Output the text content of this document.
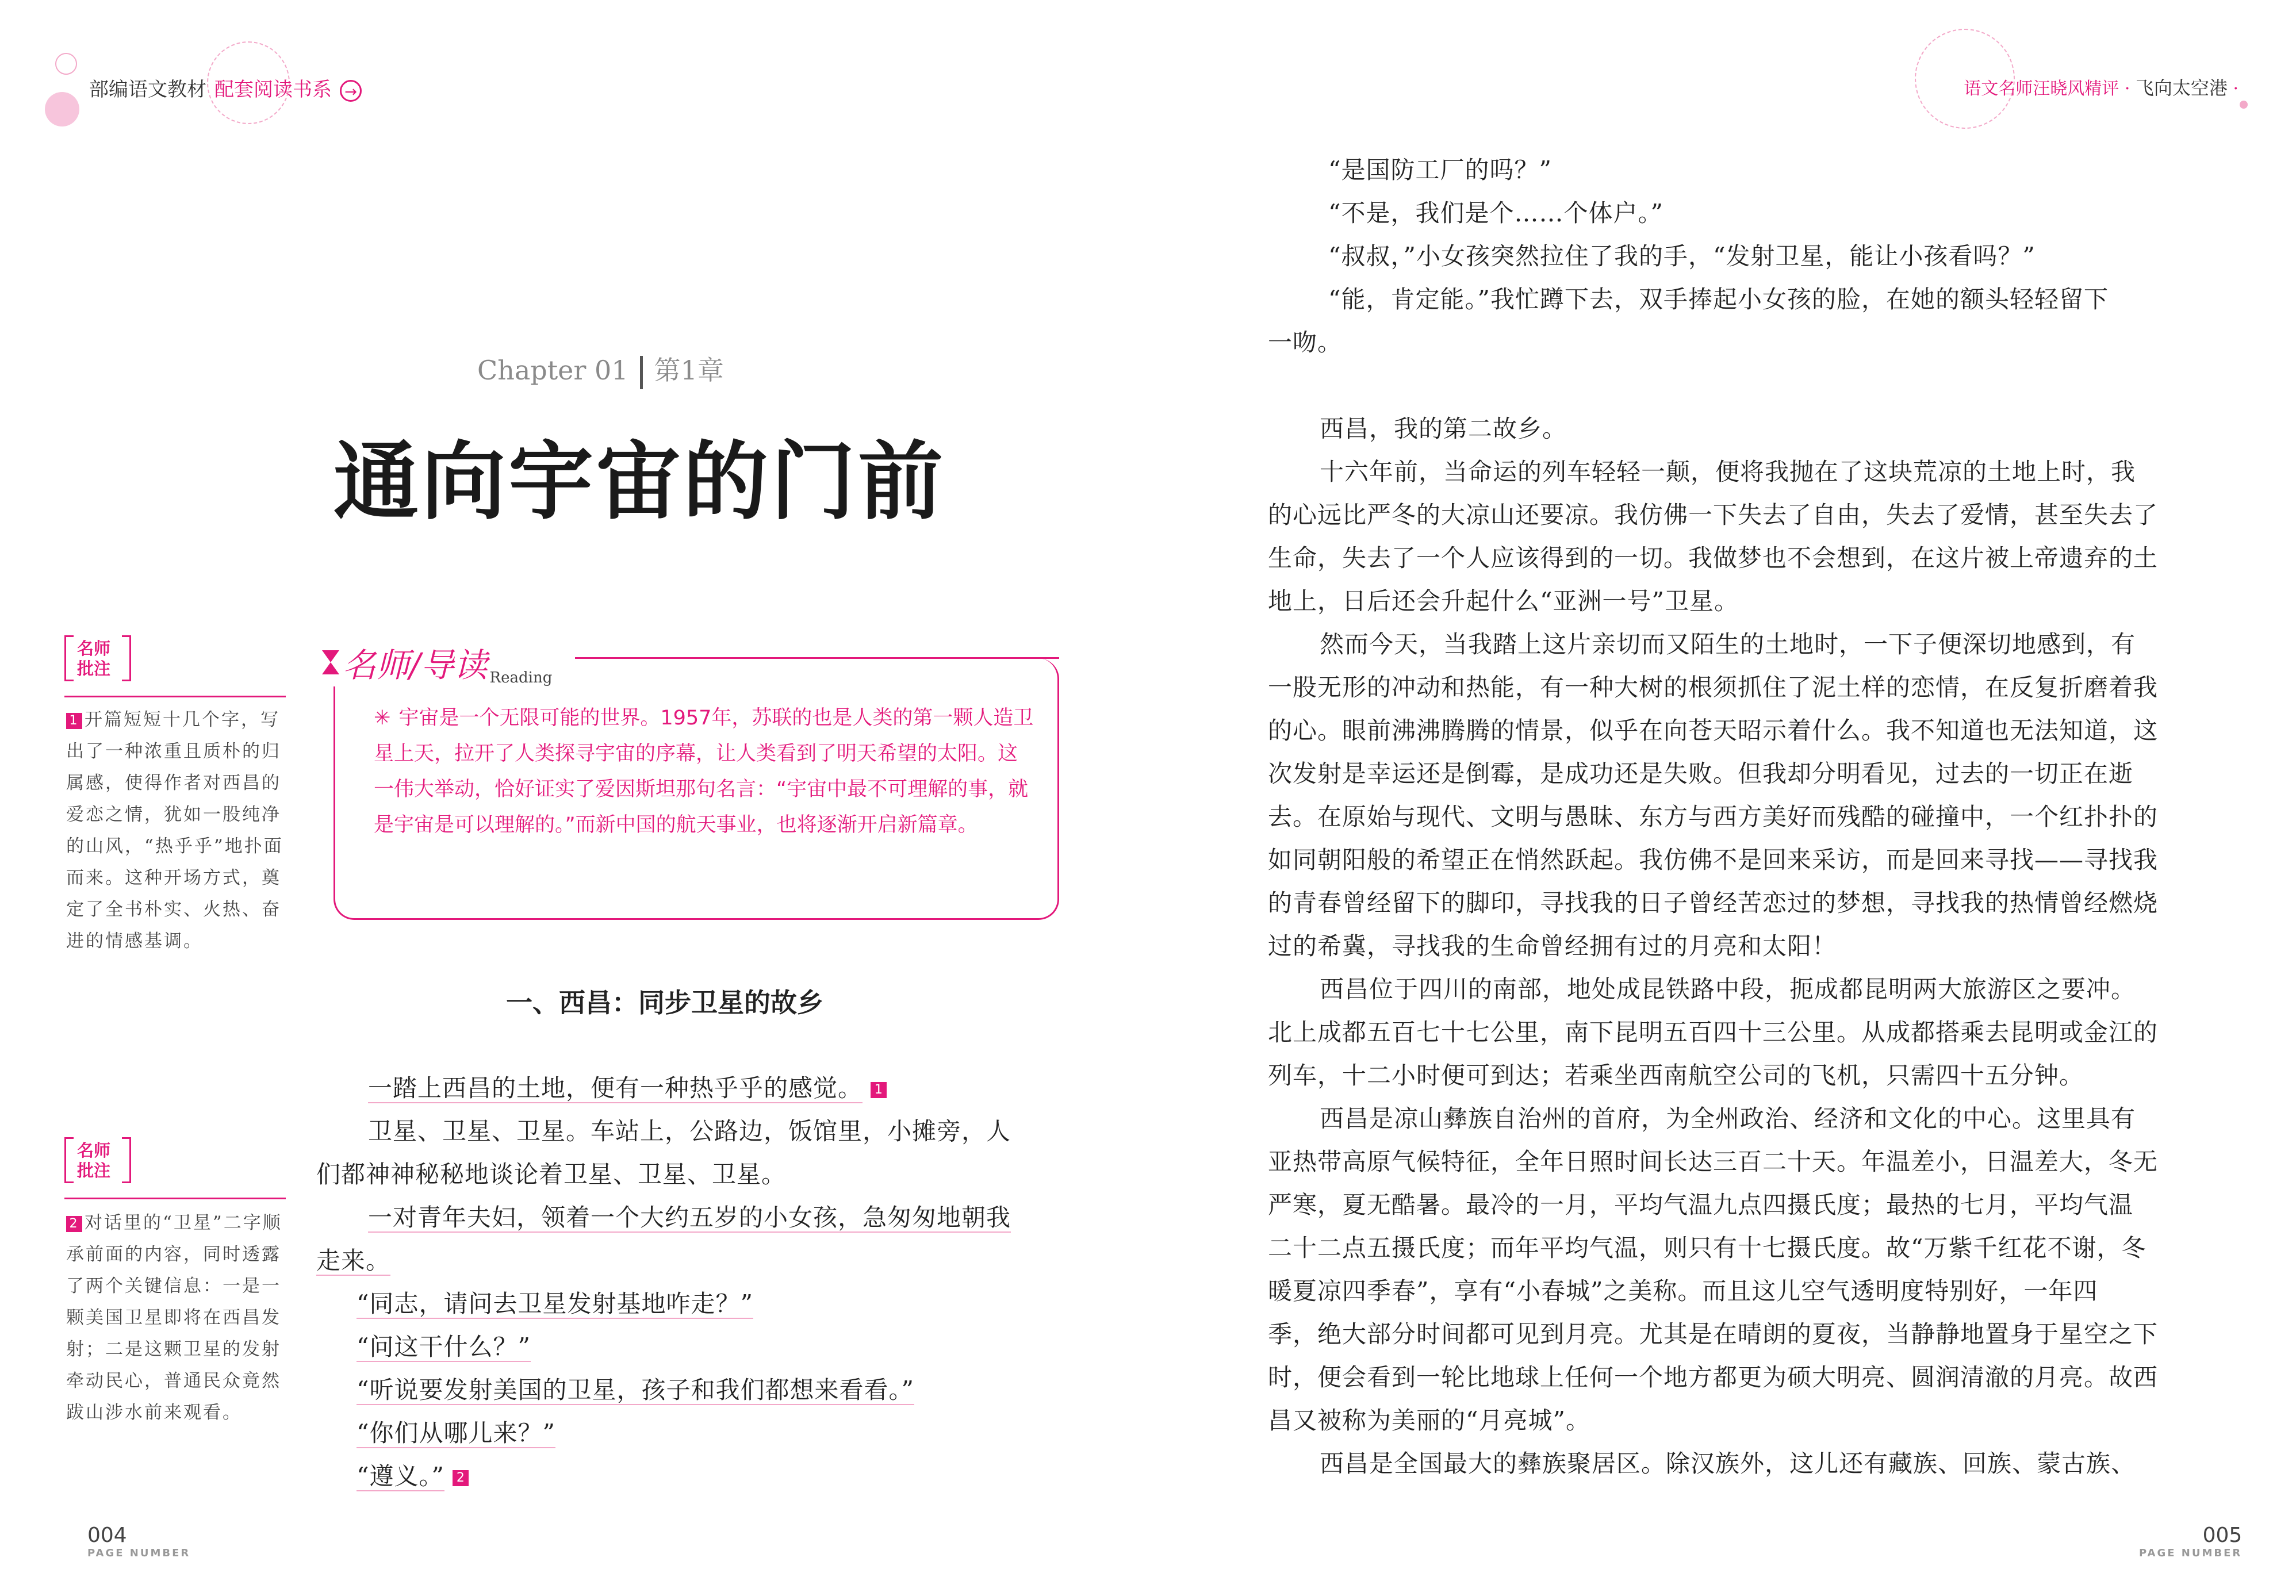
部编语文教材 配套阅读书系 →	语文名师汪晓风精评 · 飞向太空港 ·
Chapter 01 第1章
通向宇宙的门前
名师
批注
1 开篇短短十几个字，写出了一种浓重且质朴的归属感，使得作者对西昌的爱恋之情，犹如一股纯净的山风，“热乎乎”地扑面而来。这种开场方式，奠定了全书朴实、火热、奋进的情感基调。
名师
批注
2 对话里的“卫星”二字顺承前面的内容，同时透露了两个关键信息：一是一颗美国卫星即将在西昌发射；二是这颗卫星的发射牵动民心，普通民众竟然跋山涉水前来观看。
名师/导读 Reading
✳ 宇宙是一个无限可能的世界。1957年，苏联的也是人类的第一颗人造卫星上天，拉开了人类探寻宇宙的序幕，让人类看到了明天希望的太阳。这一伟大举动，恰好证实了爱因斯坦那句名言：“宇宙中最不可理解的事，就是宇宙是可以理解的。”而新中国的航天事业，也将逐渐开启新篇章。
一、西昌：同步卫星的故乡
一踏上西昌的土地，便有一种热乎乎的感觉。 1
卫星、卫星、卫星。车站上，公路边，饭馆里，小摊旁，人
们都神神秘秘地谈论着卫星、卫星、卫星。
一对青年夫妇，领着一个大约五岁的小女孩，急匆匆地朝我
走来。
“同志，请问去卫星发射基地咋走？”
“问这干什么？”
“听说要发射美国的卫星，孩子和我们都想来看看。”
“你们从哪儿来？”
“遵义。” 2
“是国防工厂的吗？”
“不是，我们是个……个体户。”
“叔叔，”小女孩突然拉住了我的手，“发射卫星，能让小孩看吗？”
“能，肯定能。”我忙蹲下去，双手捧起小女孩的脸，在她的额头轻轻留下
一吻。
西昌，我的第二故乡。
十六年前，当命运的列车轻轻一颠，便将我抛在了这块荒凉的土地上时，我
的心远比严冬的大凉山还要凉。我仿佛一下失去了自由，失去了爱情，甚至失去了
生命，失去了一个人应该得到的一切。我做梦也不会想到，在这片被上帝遗弃的土
地上，日后还会升起什么“亚洲一号”卫星。
然而今天，当我踏上这片亲切而又陌生的土地时，一下子便深切地感到，有
一股无形的冲动和热能，有一种大树的根须抓住了泥土样的恋情，在反复折磨着我
的心。眼前沸沸腾腾的情景，似乎在向苍天昭示着什么。我不知道也无法知道，这
次发射是幸运还是倒霉，是成功还是失败。但我却分明看见，过去的一切正在逝
去。在原始与现代、文明与愚昧、东方与西方美好而残酷的碰撞中，一个红扑扑的
如同朝阳般的希望正在悄然跃起。我仿佛不是回来采访，而是回来寻找——寻找我
的青春曾经留下的脚印，寻找我的日子曾经苦恋过的梦想，寻找我的热情曾经燃烧
过的希冀，寻找我的生命曾经拥有过的月亮和太阳！
西昌位于四川的南部，地处成昆铁路中段，扼成都昆明两大旅游区之要冲。
北上成都五百七十七公里，南下昆明五百四十三公里。从成都搭乘去昆明或金江的
列车，十二小时便可到达；若乘坐西南航空公司的飞机，只需四十五分钟。
西昌是凉山彝族自治州的首府，为全州政治、经济和文化的中心。这里具有
亚热带高原气候特征，全年日照时间长达三百二十天。年温差小，日温差大，冬无
严寒，夏无酷暑。最冷的一月，平均气温九点四摄氏度；最热的七月，平均气温
二十二点五摄氏度；而年平均气温，则只有十七摄氏度。故“万紫千红花不谢，冬
暖夏凉四季春”，享有“小春城”之美称。而且这儿空气透明度特别好，一年四
季，绝大部分时间都可见到月亮。尤其是在晴朗的夏夜，当静静地置身于星空之下
时，便会看到一轮比地球上任何一个地方都更为硕大明亮、圆润清澈的月亮。故西
昌又被称为美丽的“月亮城”。
西昌是全国最大的彝族聚居区。除汉族外，这儿还有藏族、回族、蒙古族、
004
PAGE NUMBER
005
PAGE NUMBER
